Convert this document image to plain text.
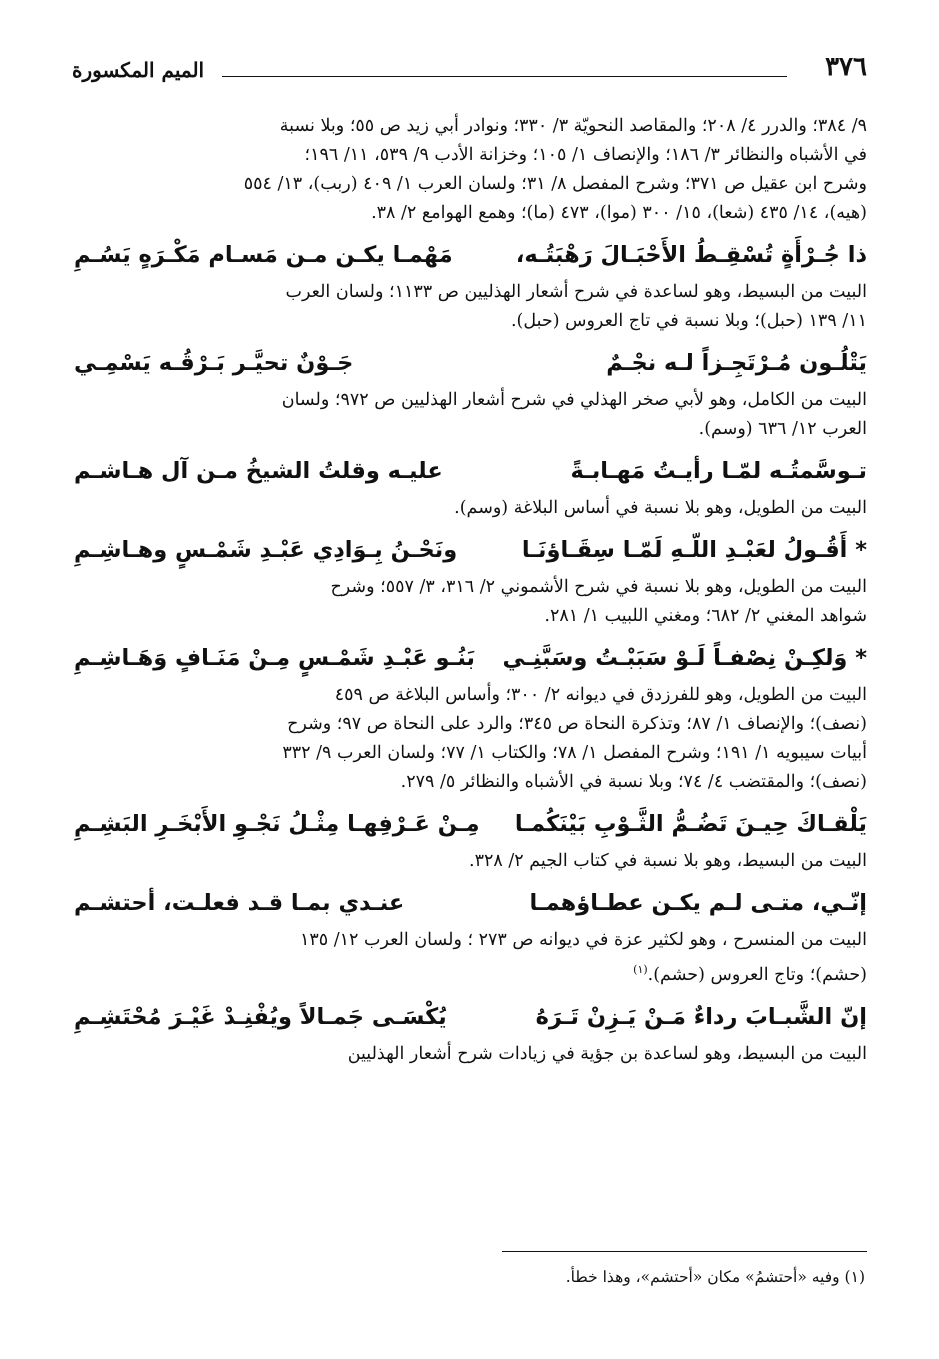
٣٧٦
الميم المكسورة

٩/ ٣٨٤؛ والدرر ٤/ ٢٠٨؛ والمقاصد النحويّة ٣/ ٣٣٠؛ ونوادر أبي زيد ص ٥٥؛ وبلا نسبة

في الأشباه والنظائر ٣/ ١٨٦؛ والإنصاف ١/ ١٠٥؛ وخزانة الأدب ٩/ ٥٣٩، ١١/ ١٩٦؛

وشرح ابن عقيل ص ٣٧١؛ وشرح المفصل ٨/ ٣١؛ ولسان العرب ١/ ٤٠٩ (ربب)، ١٣/ ٥٥٤

(هيه)، ١٤/ ٤٣٥ (شعا)، ١٥/ ٣٠٠ (موا)، ٤٧٣ (ما)؛ وهمع الهوامع ٢/ ٣٨.

ذا جُـرْأَةٍ تُسْقِـطُ الأَحْبَـالَ رَهْبَتُـه،
مَهْمـا يكـن مـن مَسـام مَكْـرَهٍ يَسُـمِ

البيت من البسيط، وهو لساعدة في شرح أشعار الهذليين ص ١١٣٣؛ ولسان العرب

١١/ ١٣٩ (حبل)؛ وبلا نسبة في تاج العروس (حبل).

يَتْلُـون مُـرْتَجِـزاً لـه نجْـمٌ
جَـوْنٌ تحيَّـر بَـرْقُـه يَسْمِـي

البيت من الكامل، وهو لأبي صخر الهذلي في شرح أشعار الهذليين ص ٩٧٢؛ ولسان

العرب ١٢/ ٦٣٦ (وسم).

تـوسَّمتُـه لمّـا رأيـتُ مَهـابـةً
عليـه وقلتُ الشيخُ مـن آل هـاشـم

البيت من الطويل، وهو بلا نسبة في أساس البلاغة (وسم).

* أَقُـولُ لعَبْـدِ اللّـهِ لَمّـا سِقَـاؤنَـا
ونَحْـنُ بِـوَادِي عَبْـدِ شَمْـسٍ وهـاشِـمِ

البيت من الطويل، وهو بلا نسبة في شرح الأشموني ٢/ ٣١٦، ٣/ ٥٥٧؛ وشرح

شواهد المغني ٢/ ٦٨٢؛ ومغني اللبيب ١/ ٢٨١.

* وَلكِـنْ نِصْفـاً لَـوْ سَبَبْـتُ وسَبَّنِـي
بَنُـو عَبْـدِ شَمْـسٍ مِـنْ مَنَـافٍ وَهَـاشِـمِ

البيت من الطويل، وهو للفرزدق في ديوانه ٢/ ٣٠٠؛ وأساس البلاغة ص ٤٥٩

(نصف)؛ والإنصاف ١/ ٨٧؛ وتذكرة النحاة ص ٣٤٥؛ والرد على النحاة ص ٩٧؛ وشرح

أبيات سيبويه ١/ ١٩١؛ وشرح المفصل ١/ ٧٨؛ والكتاب ١/ ٧٧؛ ولسان العرب ٩/ ٣٣٢

(نصف)؛ والمقتضب ٤/ ٧٤؛ وبلا نسبة في الأشباه والنظائر ٥/ ٢٧٩.

يَلْقـاكَ حِيـنَ تَضُـمُّ الثَّـوْبِ بَيْنَكُمـا
مِـنْ عَـرْفِهـا مِثْـلُ نَجْـوِ الأَبْخَـرِ البَشِـمِ

البيت من البسيط، وهو بلا نسبة في كتاب الجيم ٢/ ٣٢٨.

إنّـي، متـى لـم يكـن عطـاؤهمـا
عنـدي بمـا قـد فعلـت، أحتشـم

البيت من المنسرح ، وهو لكثير عزة في ديوانه ص ٢٧٣ ؛ ولسان العرب ١٢/ ١٣٥

(حشم)؛ وتاج العروس (حشم).$^{(١)}$

إنّ الشَّبـابَ رداءٌ مَـنْ يَـزِنْ تَـرَهُ
يُكْسَـى جَمـالاً ويُفْنِـدْ غَيْـرَ مُحْتَشِـمِ

البيت من البسيط، وهو لساعدة بن جؤية في زيادات شرح أشعار الهذليين

(١) وفيه «أحتشمُ» مكان «أحتشم»، وهذا خطأ.
